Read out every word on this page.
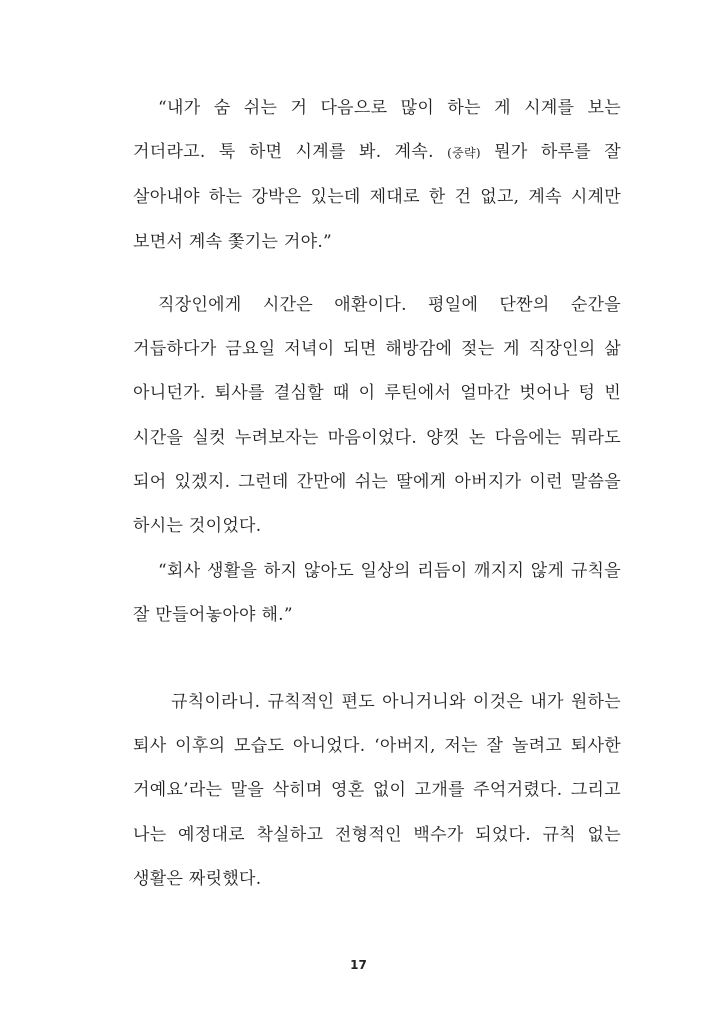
“내가 숨 쉬는 거 다음으로 많이 하는 게 시계를 보는 거더라고. 툭 하면 시계를 봐. 계속. (중략) 뭔가 하루를 잘 살아내야 하는 강박은 있는데 제대로 한 건 없고, 계속 시계만 보면서 계속 쫓기는 거야.”

직장인에게 시간은 애환이다. 평일에 단짠의 순간을 거듭하다가 금요일 저녁이 되면 해방감에 젖는 게 직장인의 삶 아니던가. 퇴사를 결심할 때 이 루틴에서 얼마간 벗어나 텅 빈 시간을 실컷 누려보자는 마음이었다. 양껏 논 다음에는 뭐라도 되어 있겠지. 그런데 간만에 쉬는 딸에게 아버지가 이런 말씀을 하시는 것이었다.

“회사 생활을 하지 않아도 일상의 리듬이 깨지지 않게 규칙을 잘 만들어놓아야 해.”

규칙이라니. 규칙적인 편도 아니거니와 이것은 내가 원하는 퇴사 이후의 모습도 아니었다. ‘아버지, 저는 잘 놀려고 퇴사한 거예요’라는 말을 삭히며 영혼 없이 고개를 주억거렸다. 그리고 나는 예정대로 착실하고 전형적인 백수가 되었다. 규칙 없는 생활은 짜릿했다.

17
